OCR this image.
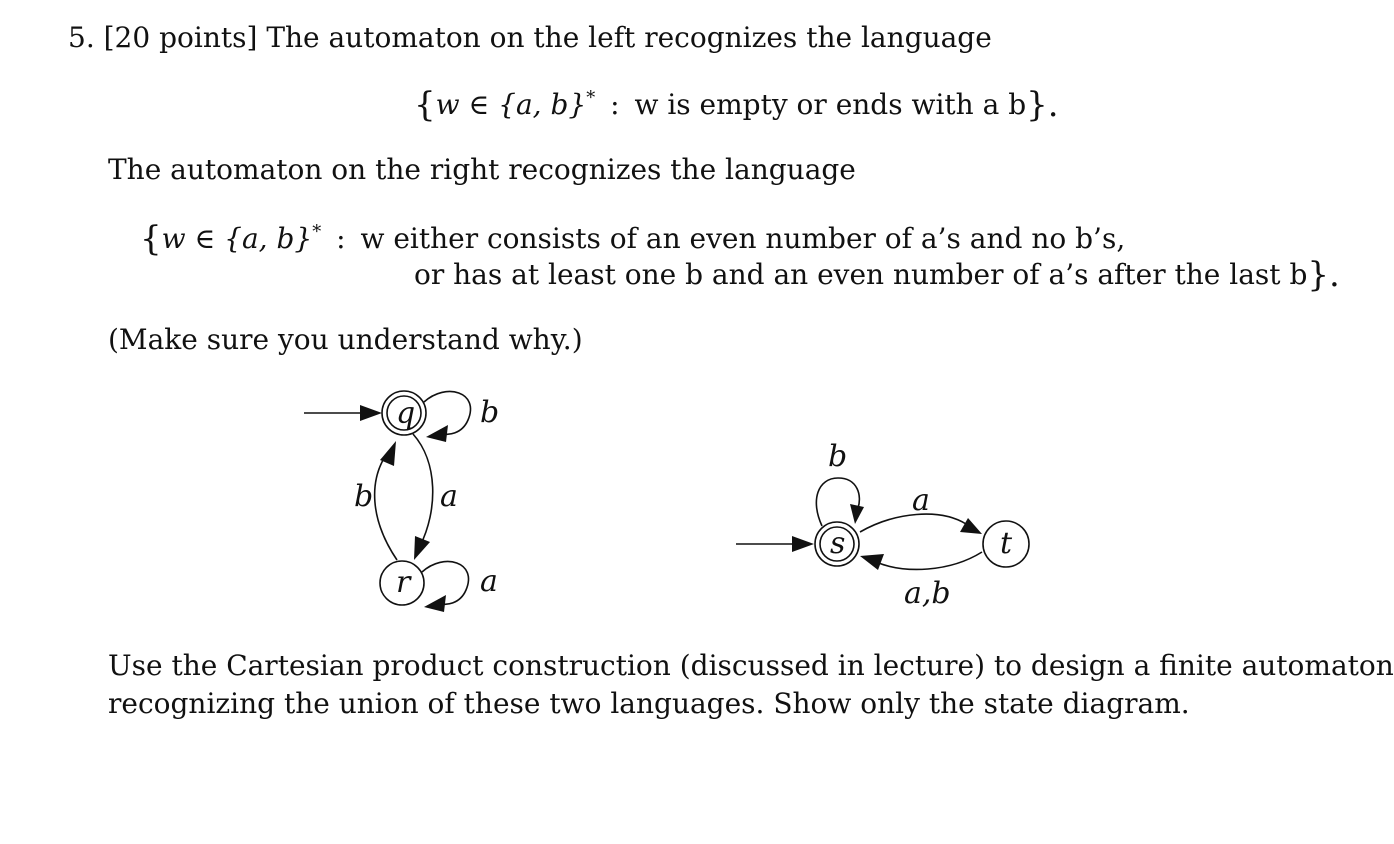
5. [20 points] The automaton on the left recognizes the language
{w ∈ {a, b}* : w is empty or ends with a b}.
The automaton on the right recognizes the language
{w ∈ {a, b}* : w either consists of an even number of a’s and no b’s,
or has at least one b and an even number of a’s after the last b}.
(Make sure you understand why.)
q b
a
b
r a
s
b
a
a,b
t
Use the Cartesian product construction (discussed in lecture) to design a finite automaton
recognizing the union of these two languages. Show only the state diagram.
